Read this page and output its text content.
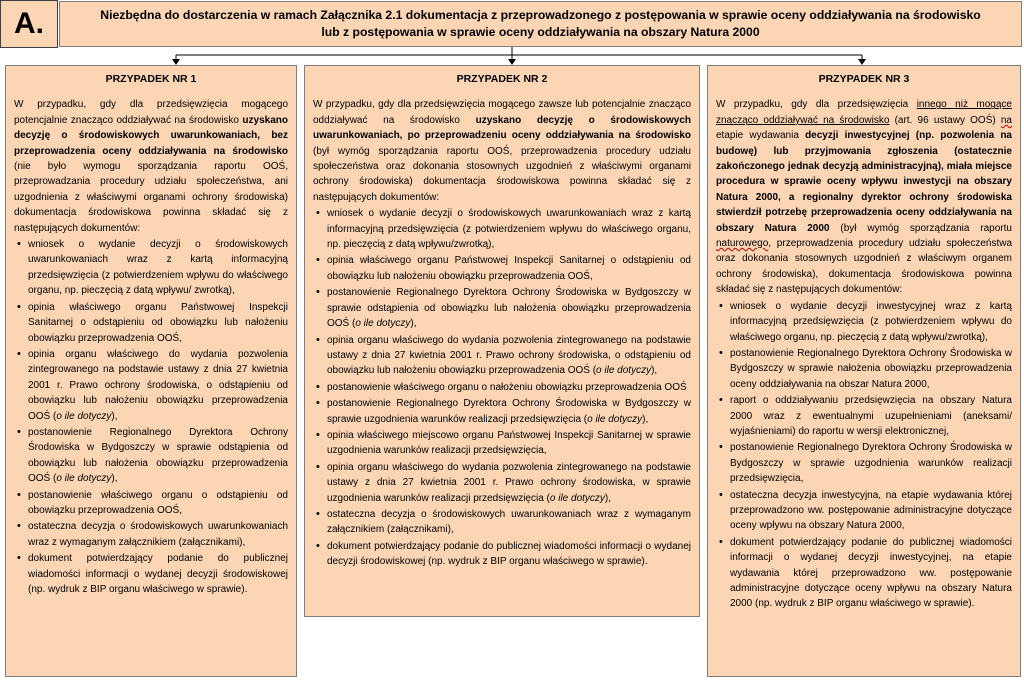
A.	Niezbędna do dostarczenia w ramach Załącznika 2.1 dokumentacja z przeprowadzonego z postępowania w sprawie oceny oddziaływania na środowisko
lub z postępowania w sprawie oceny oddziaływania na obszary Natura 2000
PRZYPADEK NR 1

W przypadku, gdy dla przedsięwzięcia mogącego potencjalnie znacząco oddziaływać na środowisko uzyskano decyzję o środowiskowych uwarunkowaniach, bez przeprowadzenia oceny oddziaływania na środowisko (nie było wymogu sporządzania raportu OOŚ, przeprowadzania procedury udziału społeczeństwa, ani uzgodnienia z właściwymi organami ochrony środowiska) dokumentacja środowiskowa powinna składać się z następujących dokumentów:

• wniosek o wydanie decyzji o środowiskowych uwarunkowaniach wraz z kartą informacyjną przedsięwzięcia (z potwierdzeniem wpływu do właściwego organu, np. pieczęcią z datą wpływu/ zwrotką),
• opinia właściwego organu Państwowej Inspekcji Sanitarnej o odstąpieniu od obowiązku lub nałożeniu obowiązku przeprowadzenia OOŚ,
• opinia organu właściwego do wydania pozwolenia zintegrowanego na podstawie ustawy z dnia 27 kwietnia 2001 r. Prawo ochrony środowiska, o odstąpieniu od obowiązku lub nałożeniu obowiązku przeprowadzenia OOŚ (o ile dotyczy),
• postanowienie Regionalnego Dyrektora Ochrony Środowiska w Bydgoszczy w sprawie odstąpienia od obowiązku lub nałożenia obowiązku przeprowadzenia OOŚ (o ile dotyczy),
• postanowienie właściwego organu o odstąpieniu od obowiązku przeprowadzenia OOŚ,
• ostateczna decyzja o środowiskowych uwarunkowaniach wraz z wymaganym załącznikiem (załącznikami),
• dokument potwierdzający podanie do publicznej wiadomości informacji o wydanej decyzji środowiskowej (np. wydruk z BIP organu właściwego w sprawie).
PRZYPADEK NR 2

W przypadku, gdy dla przedsięwzięcia mogącego zawsze lub potencjalnie znacząco oddziaływać na środowisko uzyskano decyzję o środowiskowych uwarunkowaniach, po przeprowadzeniu oceny oddziaływania na środowisko (był wymóg sporządzania raportu OOŚ, przeprowadzenia procedury udziału społeczeństwa oraz dokonania stosownych uzgodnień z właściwymi organami ochrony środowiska) dokumentacja środowiskowa powinna składać się z następujących dokumentów:

• wniosek o wydanie decyzji o środowiskowych uwarunkowaniach wraz z kartą informacyjną przedsięwzięcia (z potwierdzeniem wpływu do właściwego organu, np. pieczęcią z datą wpływu/zwrotką),
• opinia właściwego organu Państwowej Inspekcji Sanitarnej o odstąpieniu od obowiązku lub nałożeniu obowiązku przeprowadzenia OOŚ,
• postanowienie Regionalnego Dyrektora Ochrony Środowiska w Bydgoszczy w sprawie odstąpienia od obowiązku lub nałożenia obowiązku przeprowadzenia OOŚ (o ile dotyczy),
• opinia organu właściwego do wydania pozwolenia zintegrowanego na podstawie ustawy z dnia 27 kwietnia 2001 r. Prawo ochrony środowiska, o odstąpieniu od obowiązku lub nałożeniu obowiązku przeprowadzenia OOŚ (o ile dotyczy),
• postanowienie właściwego organu o nałożeniu obowiązku przeprowadzenia OOŚ
• postanowienie Regionalnego Dyrektora Ochrony Środowiska w Bydgoszczy w sprawie uzgodnienia warunków realizacji przedsięwzięcia (o ile dotyczy),
• opinia właściwego miejscowo organu Państwowej Inspekcji Sanitarnej w sprawie uzgodnienia warunków realizacji przedsięwzięcia,
• opinia organu właściwego do wydania pozwolenia zintegrowanego na podstawie ustawy z dnia 27 kwietnia 2001 r. Prawo ochrony środowiska, w sprawie uzgodnienia warunków realizacji przedsięwzięcia (o ile dotyczy),
• ostateczna decyzja o środowiskowych uwarunkowaniach wraz z wymaganym załącznikiem (załącznikami),
• dokument potwierdzający podanie do publicznej wiadomości informacji o wydanej decyzji środowiskowej (np. wydruk z BIP organu właściwego w sprawie).
PRZYPADEK NR 3

W przypadku, gdy dla przedsięwzięcia innego niż mogące znacząco oddziaływać na środowisko (art. 96 ustawy OOŚ) na etapie wydawania decyzji inwestycyjnej (np. pozwolenia na budowę) lub przyjmowania zgłoszenia (ostatecznie zakończonego jednak decyzją administracyjną), miała miejsce procedura w sprawie oceny wpływu inwestycji na obszary Natura 2000, a regionalny dyrektor ochrony środowiska stwierdził potrzebę przeprowadzenia oceny oddziaływania na obszary Natura 2000 (był wymóg sporządzania raportu naturowego, przeprowadzenia procedury udziału społeczeństwa oraz dokonania stosownych uzgodnień z właściwym organem ochrony środowiska), dokumentacja środowiskowa powinna składać się z następujących dokumentów:

• wniosek o wydanie decyzji inwestycyjnej wraz z kartą informacyjną przedsięwzięcia (z potwierdzeniem wpływu do właściwego organu, np. pieczęcią z datą wpływu/zwrotką),
• postanowienie Regionalnego Dyrektora Ochrony Środowiska w Bydgoszczy w sprawie nałożenia obowiązku przeprowadzenia oceny oddziaływania na obszar Natura 2000,
• raport o oddziaływaniu przedsięwzięcia na obszary Natura 2000 wraz z ewentualnymi uzupełnieniami (aneksami/ wyjaśnieniami) do raportu w wersji elektronicznej,
• postanowienie Regionalnego Dyrektora Ochrony Środowiska w Bydgoszczy w sprawie uzgodnienia warunków realizacji przedsięwzięcia,
• ostateczna decyzja inwestycyjna, na etapie wydawania której przeprowadzono ww. postępowanie administracyjne dotyczące oceny wpływu na obszary Natura 2000,
• dokument potwierdzający podanie do publicznej wiadomości informacji o wydanej decyzji inwestycyjnej, na etapie wydawania której przeprowadzono ww. postępowanie administracyjne dotyczące oceny wpływu na obszary Natura 2000 (np. wydruk z BIP organu właściwego w sprawie).
